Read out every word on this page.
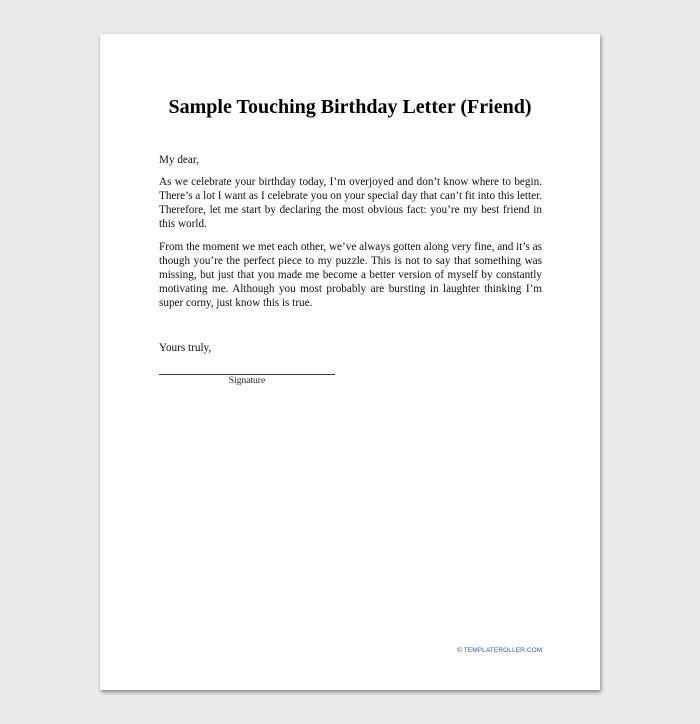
Sample Touching Birthday Letter (Friend)

My dear,

As we celebrate your birthday today, I’m overjoyed and don’t know where to begin. There’s a lot I want as I celebrate you on your special day that can’t fit into this letter. Therefore, let me start by declaring the most obvious fact: you’re my best friend in this world.

From the moment we met each other, we’ve always gotten along very fine, and it’s as though you’re the perfect piece to my puzzle. This is not to say that something was missing, but just that you made me become a better version of myself by constantly motivating me. Although you most probably are bursting in laughter thinking I’m super corny, just know this is true.

Yours truly,

Signature
© TEMPLATEROLLER.COM
